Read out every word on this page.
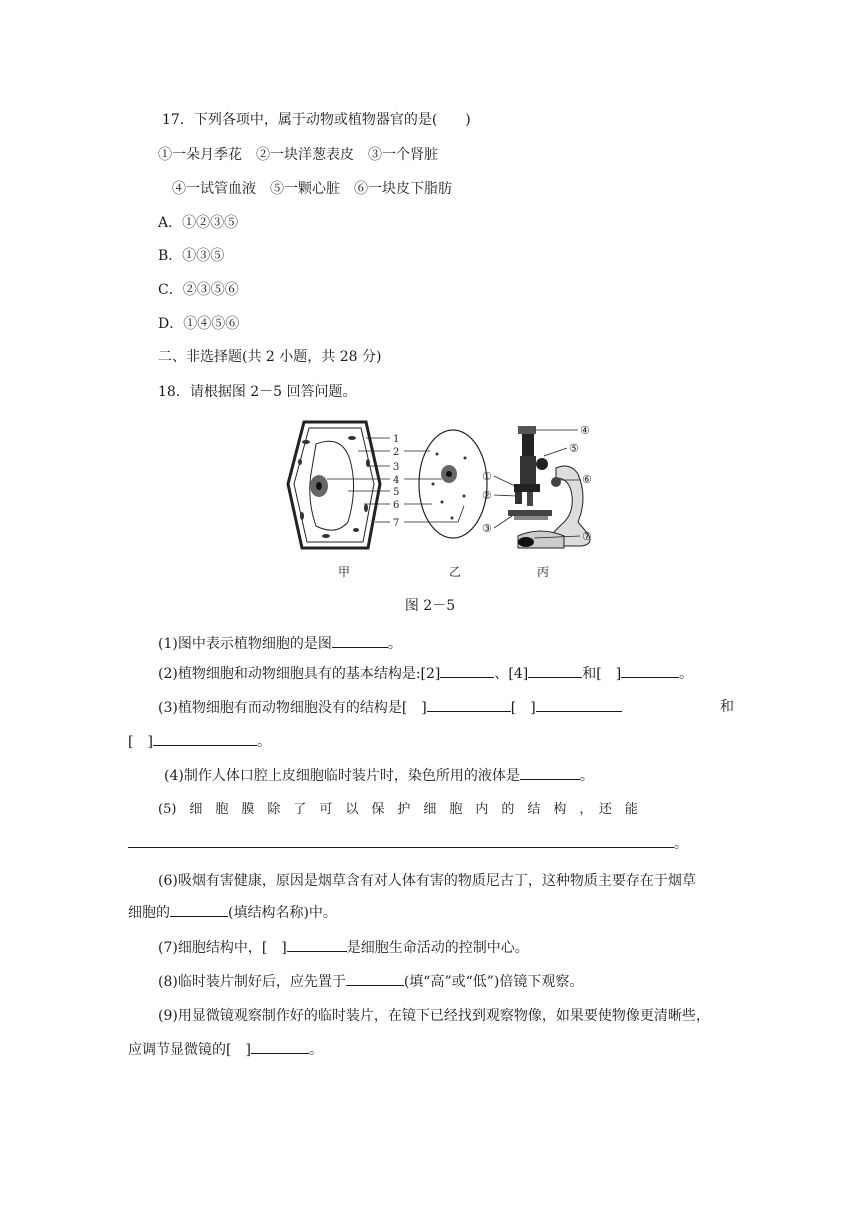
17．下列各项中，属于动物或植物器官的是(　　)
①一朵月季花　②一块洋葱表皮　③一个肾脏
④一试管血液　⑤一颗心脏　⑥一块皮下脂肪
A．①②③⑤
B．①③⑤
C．②③⑤⑥
D．①④⑤⑥
二、非选择题(共 2 小题，共 28 分)
18．请根据图 2－5 回答问题。
1
2
3
4
5
6
7
④
⑤
⑥
①
②
③
⑦
甲	乙	丙
图 2－5
(1)图中表示植物细胞的是图	。
(2)植物细胞和动物细胞具有的基本结构是:[2]	、[4]	和[　]	。
(3)植物细胞有而动物细胞没有的结构是[　]	[　]	和
[　]	。
(4)制作人体口腔上皮细胞临时装片时，染色所用的液体是	。
(5)　细　胞　膜　除　了　可　以　保　护　细　胞　内　的　结　构　，　还　能
。
(6)吸烟有害健康，原因是烟草含有对人体有害的物质尼古丁，这种物质主要存在于烟草
细胞的	(填结构名称)中。
(7)细胞结构中，[　]	是细胞生命活动的控制中心。
(8)临时装片制好后，应先置于	(填“高”或“低”)倍镜下观察。
(9)用显微镜观察制作好的临时装片，在镜下已经找到观察物像，如果要使物像更清晰些，
应调节显微镜的[　]	。
